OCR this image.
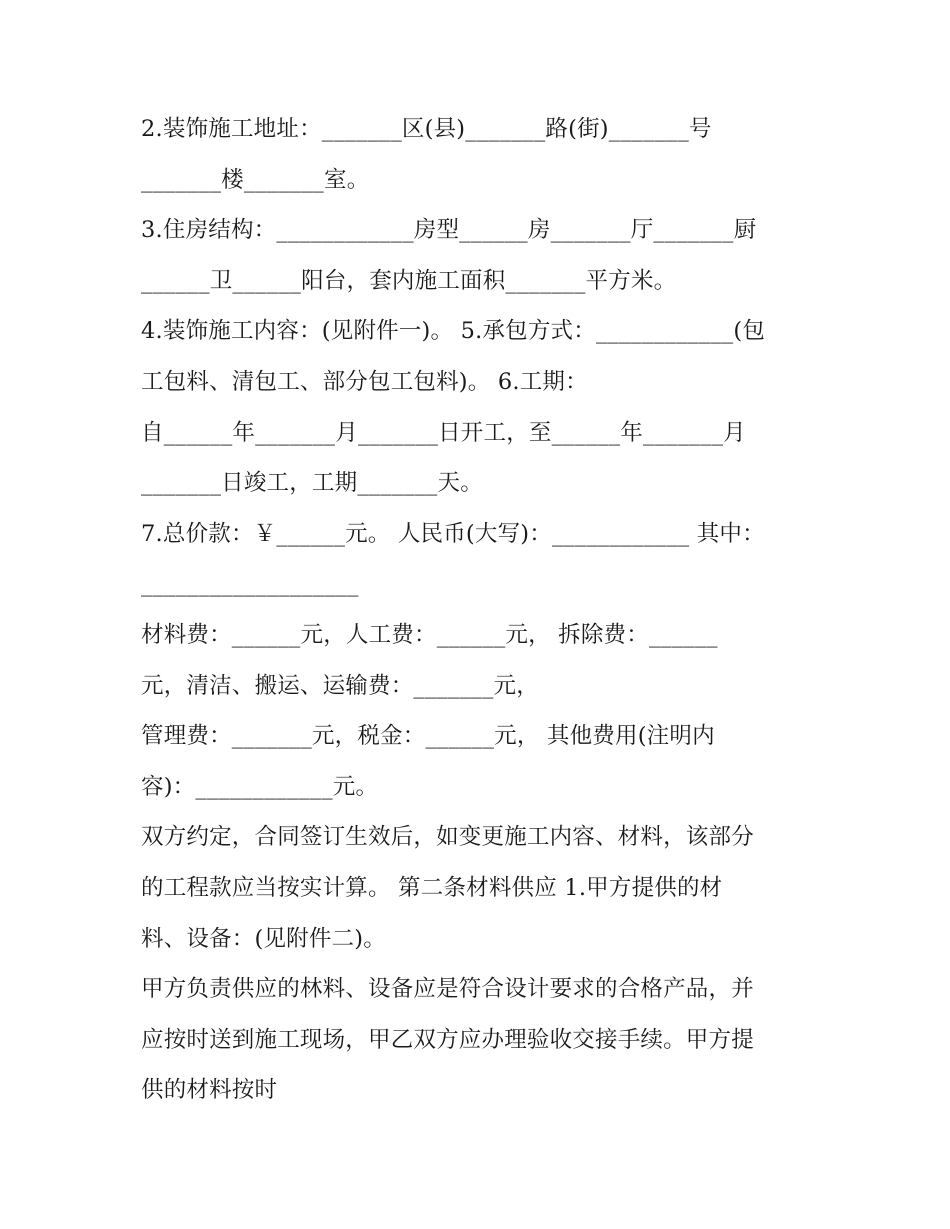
2.装饰施工地址：_______区(县)_______路(街)_______号
_______楼_______室。
3.住房结构：____________房型______房_______厅_______厨
______卫______阳台，套内施工面积_______平方米。
4.装饰施工内容：(见附件一)。 5.承包方式：____________(包
工包料、清包工、部分包工包料)。 6.工期：
自______年_______月_______日开工，至______年_______月
_______日竣工，工期_______天。
7.总价款：￥______元。 人民币(大写)：____________ 其中：
___________________
材料费：______元，人工费：______元， 拆除费：______
元，清洁、搬运、运输费：_______元，
管理费：_______元，税金：______元， 其他费用(注明内
容)：____________元。
双方约定，合同签订生效后，如变更施工内容、材料，该部分
的工程款应当按实计算。 第二条材料供应 1.甲方提供的材
料、设备：(见附件二)。
甲方负责供应的林料、设备应是符合设计要求的合格产品，并
应按时送到施工现场，甲乙双方应办理验收交接手续。甲方提
供的材料按时
